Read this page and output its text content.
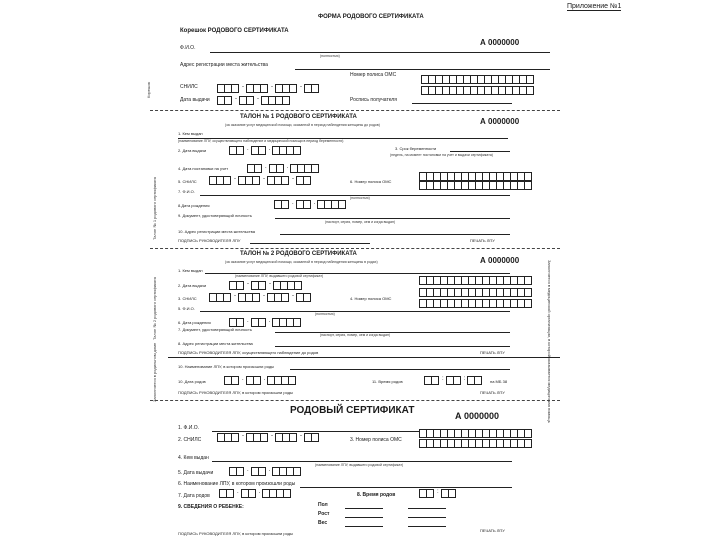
Приложение №1
ФОРМА РОДОВОГО СЕРТИФИКАТА
Корешок
Корешок РОДОВОГО СЕРТИФИКАТА
А 0000000
Ф.И.О.
(полностью)
Адрес регистрации места жительства
Номер полиса ОМС
СНИЛС	-	-	-
Дата выдачи	-	-	Роспись получателя
Талон № 1 родового сертификата
ТАЛОН № 1 РОДОВОГО СЕРТИФИКАТА
(за оказание услуг медицинской помощи, оказанной в период наблюдения женщины до родов)	А 0000000
1. Кем выдан
(наименование ЛПУ, осуществляющего наблюдение и медицинской помощи в период беременности)
2. Дата выдачи	.	.	3. Срок беременности
(недель, на момент постановки на учет и выдачи сертификата)
4. Дата постановки на учет	.	.
5. СНИЛС	-	-	-	6. Номер полиса ОМС
7. Ф.И.О.
(полностью)
8.Дата рождения	.	.
9. Документ, удостоверяющий личность
(паспорт, серия, номер, кем и когда выдан)
10. Адрес регистрации места жительства
ПОДПИСЬ РУКОВОДИТЕЛЯ ЛПУ	ПЕЧАТЬ ЛПУ
Талон № 2 родового сертификата	Заполняется в медицинской организации, в которой оказывается медицинская помощь
ТАЛОН № 2 РОДОВОГО СЕРТИФИКАТА
(за оказание услуг медицинской помощи, оказанной в период наблюдения женщины в родах)	А 0000000
1. Кем выдан
(наименование ЛПУ, выдавшего родовой сертификат)
2. Дата выдачи	-	-
3. СНИЛС	-	-	-	4. Номер полиса ОМС
5. Ф.И.О.
(полностью)
6. Дата рождения	.	.
7. Документ, удостоверяющий личность
(паспорт, серия, номер, кем и когда выдан)
8. Адрес регистрации места жительства
ПОДПИСЬ РУКОВОДИТЕЛЯ ЛПУ, осуществляющего наблюдение до родов	ПЕЧАТЬ ЛПУ
Заполняется в родильном доме	10. Наименование ЛПУ, в котором произошли роды
10. Дата родов	.	.	11. Время родов	:	:	на МБ 38
ПОДПИСЬ РУКОВОДИТЕЛЯ ЛПУ, в котором произошли роды	ПЕЧАТЬ ЛПУ
РОДОВЫЙ СЕРТИФИКАТ	А 0000000
1. Ф.И.О.
2. СНИЛС
-	-	-
3. Номер полиса ОМС
4. Кем выдан
(наименование ЛПУ, выдавшего родовой сертификат)
5. Дата выдачи	.	.
6. Наименование ЛПУ, в котором произошли роды
7. Дата родов
.	.	8. Время родов	:
9. СВЕДЕНИЯ О РЕБЕНКЕ:	Пол
Рост
Вес
ПОДПИСЬ РУКОВОДИТЕЛЯ ЛПУ, в котором произошли роды
ПЕЧАТЬ ЛПУ
